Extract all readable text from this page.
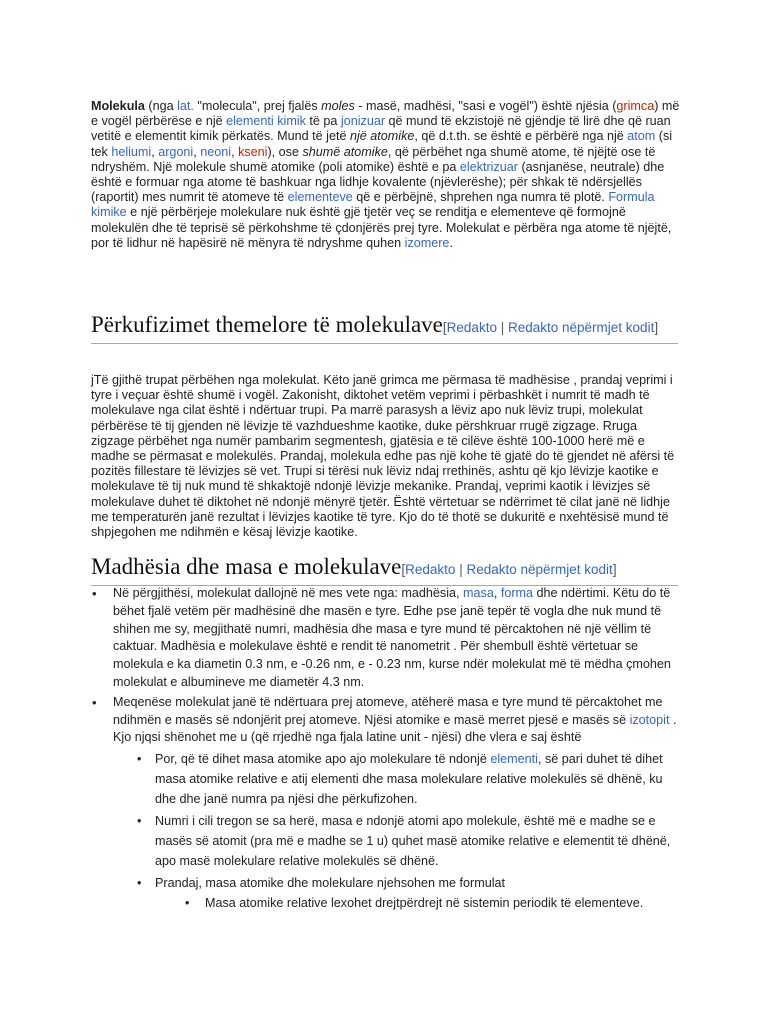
Molekula (nga lat. "molecula", prej fjalës moles - masë, madhësi, "sasi e vogël") është njësia (grimca) më e vogël përbërëse e një elementi kimik të pa jonizuar që mund të ekzistojë në gjëndje të lirë dhe që ruan vetitë e elementit kimik përkatës. Mund të jetë një atomike, që d.t.th. se është e përbërë nga një atom (si tek heliumi, argoni, neoni, kseni), ose shumë atomike, që përbëhet nga shumë atome, të njëjtë ose të ndryshëm. Një molekule shumë atomike (poli atomike) është e pa elektrizuar (asnjanëse, neutrale) dhe është e formuar nga atome të bashkuar nga lidhje kovalente (njëvlerëshe); për shkak të ndërsjellës (raportit) mes numrit të atomeve të elementeve që e përbëjnë, shprehen nga numra të plotë. Formula kimike e një përbërjeje molekulare nuk është gjë tjetër veç se renditja e elementeve që formojnë molekulën dhe të teprisë së përkohshme të çdonjërës prej tyre. Molekulat e përbëra nga atome të njëjtë, por të lidhur në hapësirë në mënyra të ndryshme quhen izomere.

Përkufizimet themelore të molekulave[Redakto | Redakto nëpërmjet kodit]

jTë gjithë trupat përbëhen nga molekulat. Këto janë grimca me përmasa të madhësise , prandaj veprimi i tyre i veçuar është shumë i vogël. Zakonisht, diktohet vetëm veprimi i përbashkët i numrit të madh të molekulave nga cilat është i ndërtuar trupi. Pa marrë parasysh a lëviz apo nuk lëviz trupi, molekulat përbërëse të tij gjenden në lëvizje të vazhdueshme kaotike, duke përshkruar rrugë zigzage. Rruga zigzage përbëhet nga numër pambarim segmentesh, gjatësia e të cilëve është 100-1000 herë më e madhe se përmasat e molekulës. Prandaj, molekula edhe pas një kohe të gjatë do të gjendet në afërsi të pozitës fillestare të lëvizjes së vet. Trupi si tërësi nuk lëviz ndaj rrethinës, ashtu që kjo lëvizje kaotike e molekulave të tij nuk mund të shkaktojë ndonjë lëvizje mekanike. Prandaj, veprimi kaotik i lëvizjes së molekulave duhet të diktohet në ndonjë mënyrë tjetër. Është vërtetuar se ndërrimet të cilat janë në lidhje me temperaturën janë rezultat i lëvizjes kaotike të tyre. Kjo do të thotë se dukuritë e nxehtësisë mund të shpjegohen me ndihmën e kësaj lëvizje kaotike.

Madhësia dhe masa e molekulave[Redakto | Redakto nëpërmjet kodit]
• Në përgjithësi, molekulat dallojnë në mes vete nga: madhësia, masa, forma dhe ndërtimi. Këtu do të bëhet fjalë vetëm për madhësinë dhe masën e tyre. Edhe pse janë tepër të vogla dhe nuk mund të shihen me sy, megjithatë numri, madhësia dhe masa e tyre mund të përcaktohen në një vëllim të caktuar. Madhësia e molekulave është e rendit të nanometrit . Për shembull është vërtetuar se molekula e ka diametin 0.3 nm, e -0.26 nm, e - 0.23 nm, kurse ndër molekulat më të mëdha çmohen molekulat e albumineve me diametër 4.3 nm.
• Meqenëse molekulat janë të ndërtuara prej atomeve, atëherë masa e tyre mund të përcaktohet me ndihmën e masës së ndonjërit prej atomeve. Njësi atomike e masë merret pjesë e masës së izotopit . Kjo njqsi shënohet me u (që rrjedhë nga fjala latine unit - njësi) dhe vlera e saj është
• Por, që të dihet masa atomike apo ajo molekulare të ndonjë elementi, së pari duhet të dihet masa atomike relative e atij elementi dhe masa molekulare relative molekulës së dhënë, ku dhe dhe janë numra pa njësi dhe përkufizohen.
• Numri i cili tregon se sa herë, masa e ndonjë atomi apo molekule, është më e madhe se e masës së atomit (pra më e madhe se 1 u) quhet masë atomike relative e elementit të dhënë, apo masë molekulare relative molekulës së dhënë.
• Prandaj, masa atomike dhe molekulare njehsohen me formulat
• Masa atomike relative lexohet drejtpërdrejt në sistemin periodik të elementeve.
